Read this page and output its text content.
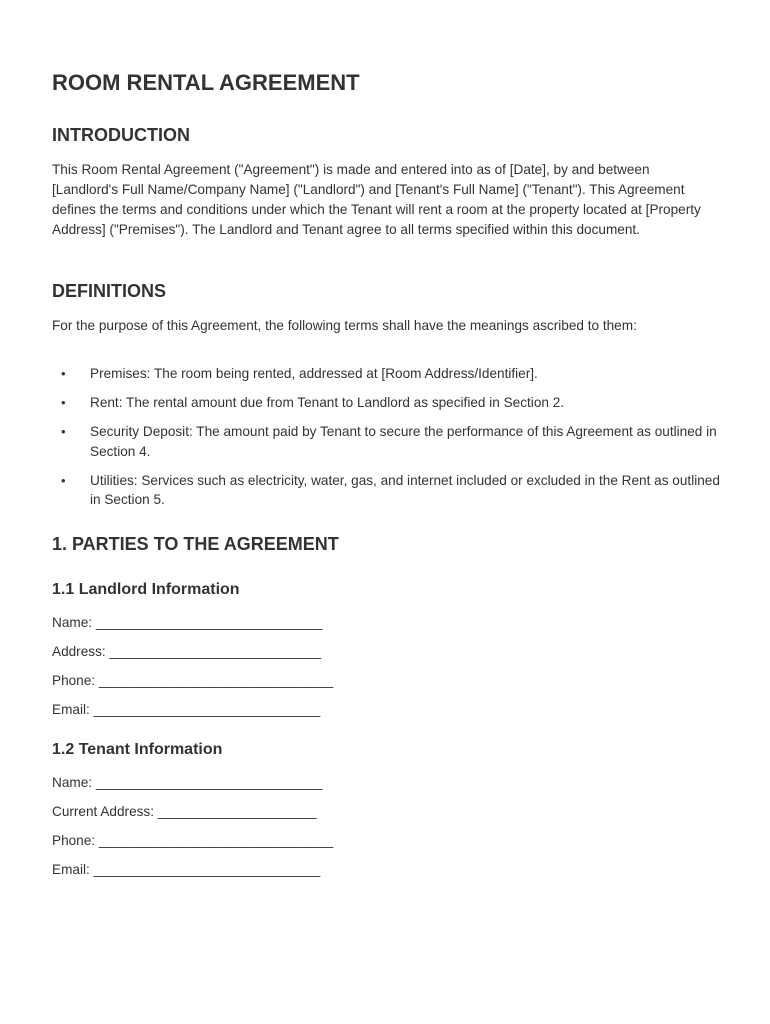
ROOM RENTAL AGREEMENT
INTRODUCTION

This Room Rental Agreement ("Agreement") is made and entered into as of [Date], by and between [Landlord's Full Name/Company Name] ("Landlord") and [Tenant's Full Name] ("Tenant"). This Agreement defines the terms and conditions under which the Tenant will rent a room at the property located at [Property Address] ("Premises"). The Landlord and Tenant agree to all terms specified within this document.

DEFINITIONS

For the purpose of this Agreement, the following terms shall have the meanings ascribed to them:

• Premises: The room being rented, addressed at [Room Address/Identifier].
• Rent: The rental amount due from Tenant to Landlord as specified in Section 2.
• Security Deposit: The amount paid by Tenant to secure the performance of this Agreement as outlined in Section 4.
• Utilities: Services such as electricity, water, gas, and internet included or excluded in the Rent as outlined in Section 5.
1. PARTIES TO THE AGREEMENT
1.1 Landlord Information
Name: ______________________________
Address: ____________________________
Phone: _______________________________
Email: ______________________________
1.2 Tenant Information
Name: ______________________________
Current Address: _____________________
Phone: _______________________________
Email: ______________________________
